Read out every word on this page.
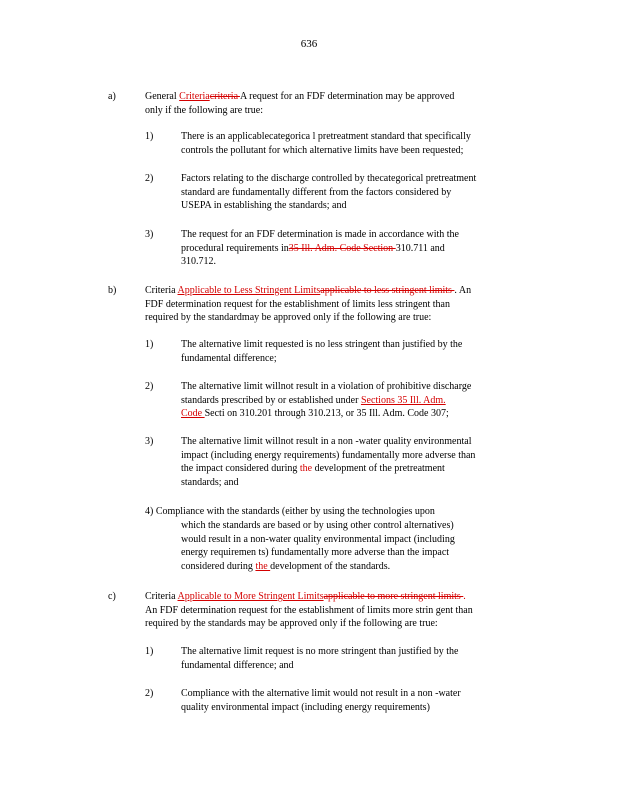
636
a)	General Criteriacriteria A request for an FDF determination may be approved
only if the following are true:
1)	There is an applicablecategorica l pretreatment standard that specifically
controls the pollutant for which alternative limits have been requested;
2)	Factors relating to the discharge controlled by thecategorical pretreatment
standard are fundamentally different from the factors considered by
USEPA in establishing the standards; and
3)	The request for an FDF determination is made in accordance with the
procedural requirements in35 Ill. Adm. Code Section 310.711 and
310.712.
b)	Criteria Applicable to Less Stringent Limitsapplicable to less stringent limits . An
FDF determination request for the establishment of limits less stringent than
required by the standardmay be approved only if the following are true:
1)	The alternative limit requested is no less stringent than justified by the
fundamental difference;
2)	The alternative limit willnot result in a violation of prohibitive discharge
standards prescribed by or established under Sections 35 Ill. Adm.
Code Secti on 310.201 through 310.213, or 35 Ill. Adm. Code 307;
3)	The alternative limit willnot result in a non -water quality environmental
impact (including energy requirements) fundamentally more adverse than
the impact considered during the development of the pretreatment
standards; and
4) Compliance with the standards (either by using the technologies upon
which the standards are based or by using other control alternatives)
would result in a non-water quality environmental impact (including
energy requiremen ts) fundamentally more adverse than the impact
considered during the development of the standards.
c)	Criteria Applicable to More Stringent Limitsapplicable to more stringent limits .
An FDF determination request for the establishment of limits more strin gent than
required by the standards may be approved only if the following are true:
1)	The alternative limit request is no more stringent than justified by the
fundamental difference; and
2)	Compliance with the alternative limit would not result in a non -water
quality environmental impact (including energy requirements)
